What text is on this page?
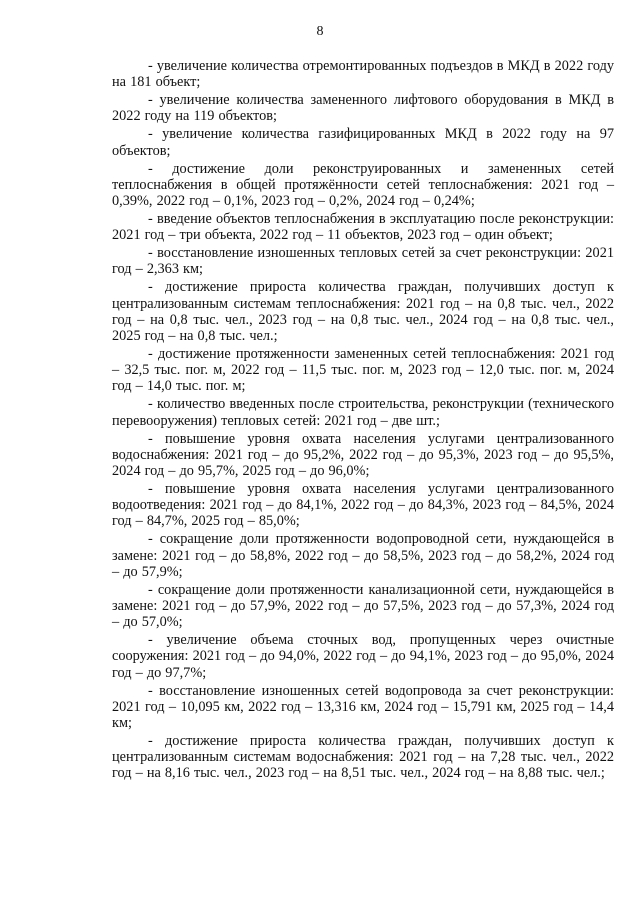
8

- увеличение количества отремонтированных подъездов в МКД в 2022 году на 181 объект;

- увеличение количества замененного лифтового оборудования в МКД в 2022 году на 119 объектов;

- увеличение количества газифицированных МКД в 2022 году на 97 объектов;

- достижение доли реконструированных и замененных сетей теплоснабжения в общей протяжённости сетей теплоснабжения: 2021 год – 0,39%, 2022 год – 0,1%, 2023 год – 0,2%, 2024 год – 0,24%;

- введение объектов теплоснабжения в эксплуатацию после реконструкции: 2021 год – три объекта, 2022 год – 11 объектов, 2023 год – один объект;

- восстановление изношенных тепловых сетей за счет реконструкции: 2021 год – 2,363 км;

- достижение прироста количества граждан, получивших доступ к централизованным системам теплоснабжения: 2021 год – на 0,8 тыс. чел., 2022 год – на 0,8 тыс. чел., 2023 год – на 0,8 тыс. чел., 2024 год – на 0,8 тыс. чел., 2025 год – на 0,8 тыс. чел.;

- достижение протяженности замененных сетей теплоснабжения: 2021 год – 32,5 тыс. пог. м, 2022 год – 11,5 тыс. пог. м, 2023 год – 12,0 тыс. пог. м, 2024 год – 14,0 тыс. пог. м;

- количество введенных после строительства, реконструкции (технического перевооружения) тепловых сетей: 2021 год – две шт.;

- повышение уровня охвата населения услугами централизованного водоснабжения: 2021 год – до 95,2%, 2022 год – до 95,3%, 2023 год – до 95,5%, 2024 год – до 95,7%, 2025 год – до 96,0%;

- повышение уровня охвата населения услугами централизованного водоотведения: 2021 год – до 84,1%, 2022 год – до 84,3%, 2023 год – 84,5%, 2024 год – 84,7%, 2025 год – 85,0%;

- сокращение доли протяженности водопроводной сети, нуждающейся в замене: 2021 год – до 58,8%, 2022 год – до 58,5%, 2023 год – до 58,2%, 2024 год – до 57,9%;

- сокращение доли протяженности канализационной сети, нуждающейся в замене: 2021 год – до 57,9%, 2022 год – до 57,5%, 2023 год – до 57,3%, 2024 год – до 57,0%;

- увеличение объема сточных вод, пропущенных через очистные сооружения: 2021 год – до 94,0%, 2022 год – до 94,1%, 2023 год – до 95,0%, 2024 год – до 97,7%;

- восстановление изношенных сетей водопровода за счет реконструкции: 2021 год – 10,095 км, 2022 год – 13,316 км, 2024 год – 15,791 км, 2025 год – 14,4 км;

- достижение прироста количества граждан, получивших доступ к централизованным системам водоснабжения: 2021 год – на 7,28 тыс. чел., 2022 год – на 8,16 тыс. чел., 2023 год – на 8,51 тыс. чел., 2024 год – на 8,88 тыс. чел.;
